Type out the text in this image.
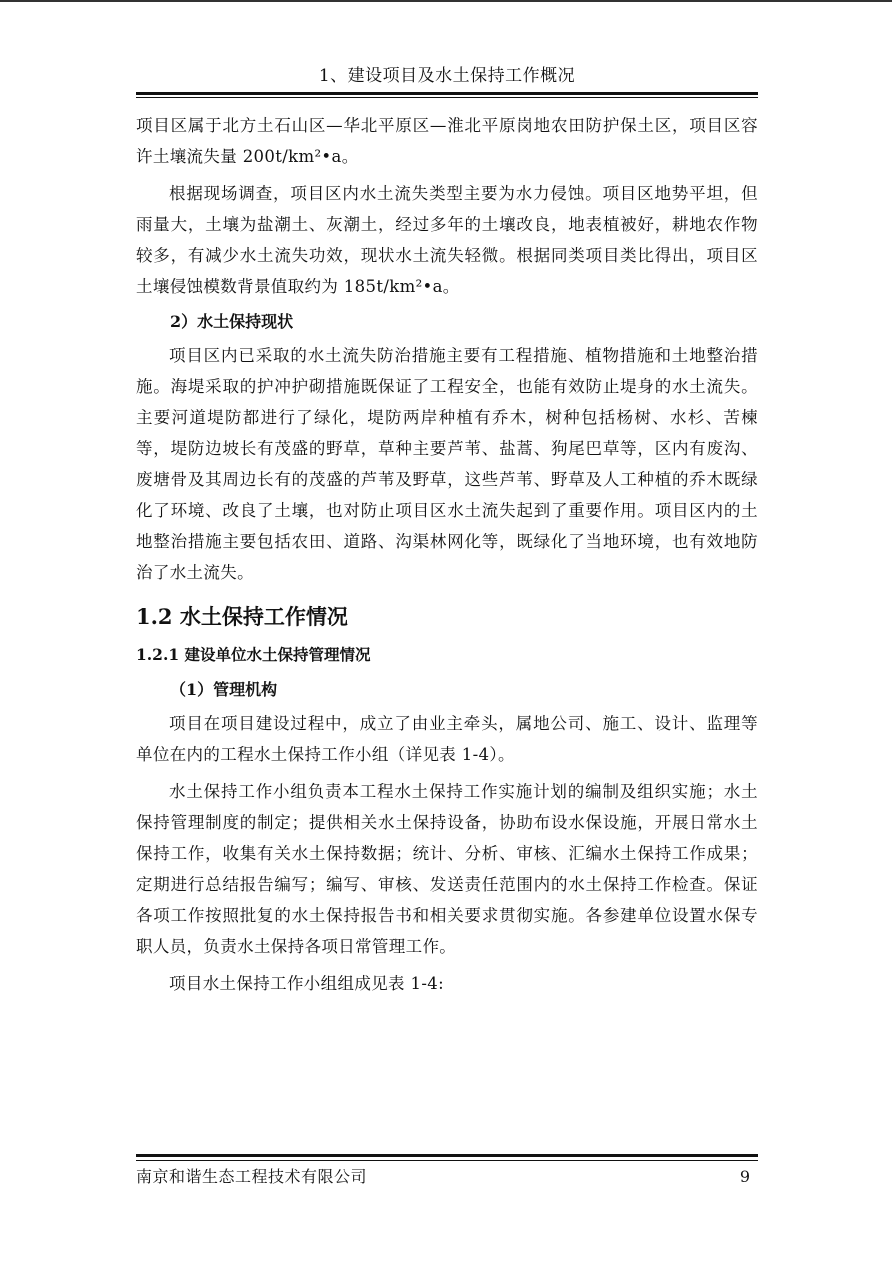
1、建设项目及水土保持工作概况

项目区属于北方土石山区—华北平原区—淮北平原岗地农田防护保土区，项目区容许土壤流失量 200t/km²•a。

根据现场调查，项目区内水土流失类型主要为水力侵蚀。项目区地势平坦，但雨量大，土壤为盐潮土、灰潮土，经过多年的土壤改良，地表植被好，耕地农作物较多，有减少水土流失功效，现状水土流失轻微。根据同类项目类比得出，项目区土壤侵蚀模数背景值取约为 185t/km²•a。

2）水土保持现状

项目区内已采取的水土流失防治措施主要有工程措施、植物措施和土地整治措施。海堤采取的护冲护砌措施既保证了工程安全，也能有效防止堤身的水土流失。主要河道堤防都进行了绿化，堤防两岸种植有乔木，树种包括杨树、水杉、苦楝等，堤防边坡长有茂盛的野草，草种主要芦苇、盐蒿、狗尾巴草等，区内有废沟、废塘骨及其周边长有的茂盛的芦苇及野草，这些芦苇、野草及人工种植的乔木既绿化了环境、改良了土壤，也对防止项目区水土流失起到了重要作用。项目区内的土地整治措施主要包括农田、道路、沟渠林网化等，既绿化了当地环境，也有效地防治了水土流失。

1.2 水土保持工作情况
1.2.1 建设单位水土保持管理情况
（1）管理机构

项目在项目建设过程中，成立了由业主牵头，属地公司、施工、设计、监理等单位在内的工程水土保持工作小组（详见表 1-4）。

水土保持工作小组负责本工程水土保持工作实施计划的编制及组织实施；水土保持管理制度的制定；提供相关水土保持设备，协助布设水保设施，开展日常水土保持工作，收集有关水土保持数据；统计、分析、审核、汇编水土保持工作成果；定期进行总结报告编写；编写、审核、发送责任范围内的水土保持工作检查。保证各项工作按照批复的水土保持报告书和相关要求贯彻实施。各参建单位设置水保专职人员，负责水土保持各项日常管理工作。

项目水土保持工作小组组成见表 1-4:

南京和谐生态工程技术有限公司	9
